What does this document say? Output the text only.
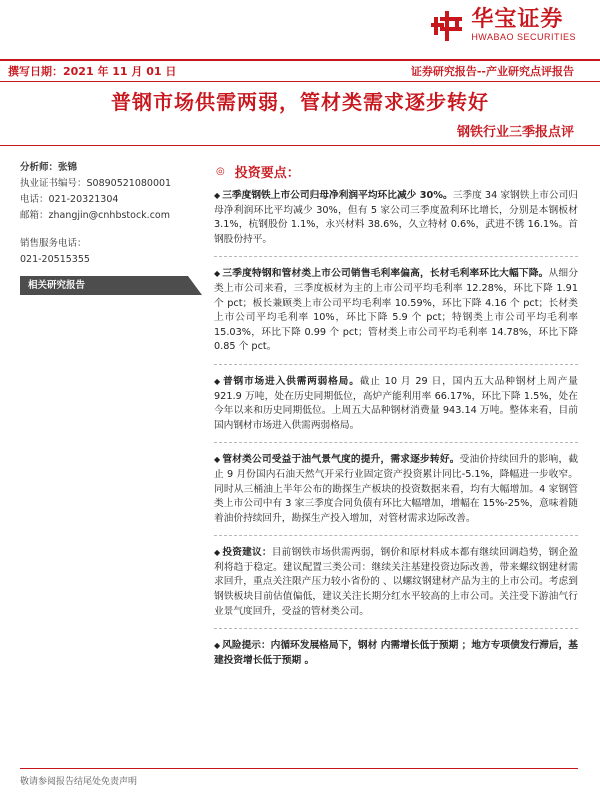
华宝证券
HWABAO SECURITIES
撰写日期：2021 年 11 月 01 日	证券研究报告--产业研究点评报告
普钢市场供需两弱，管材类需求逐步转好
钢铁行业三季报点评
分析师：张锦
执业证书编号：S0890521080001
电话：021-20321304
邮箱：zhangjin@cnhbstock.com
销售服务电话：
021-20515355
相关研究报告
◎ 投资要点：
◆ 三季度钢铁上市公司归母净利润平均环比减少 30%。三季度 34 家钢铁上市公司归母净利润环比平均减少 30%，但有 5 家公司三季度盈利环比增长，分别是本钢板材 3.1%，杭钢股份 1.1%，永兴材料 38.6%，久立特材 0.6%，武进不锈 16.1%。首钢股份持平。
◆ 三季度特钢和管材类上市公司销售毛利率偏高，长材毛利率环比大幅下降。从细分类上市公司来看，三季度板材为主的上市公司平均毛利率 12.28%，环比下降 1.91 个 pct；板长兼顾类上市公司平均毛利率 10.59%，环比下降 4.16 个 pct；长材类上市公司平均毛利率 10%，环比下降 5.9 个 pct；特钢类上市公司平均毛利率 15.03%，环比下降 0.99 个 pct；管材类上市公司平均毛利率 14.78%，环比下降 0.85 个 pct。
◆ 普钢市场进入供需两弱格局。截止 10 月 29 日，国内五大品种钢材上周产量 921.9 万吨，处在历史同期低位，高炉产能利用率 66.17%，环比下降 1.5%，处在今年以来和历史同期低位。上周五大品种钢材消费量 943.14 万吨。整体来看，目前国内钢材市场进入供需两弱格局。
◆ 管材类公司受益于油气景气度的提升，需求逐步转好。受油价持续回升的影响，截止 9 月份国内石油天然气开采行业固定资产投资累计同比-5.1%，降幅进一步收窄。同时从三桶油上半年公布的勘探生产板块的投资数据来看，均有大幅增加。4 家钢管类上市公司中有 3 家三季度合同负债有环比大幅增加，增幅在 15%-25%，意味着随着油价持续回升，勘探生产投入增加，对管材需求边际改善。
◆ 投资建议：目前钢铁市场供需两弱，钢价和原材料成本都有继续回调趋势，钢企盈利将趋于稳定。建议配置三类公司：继续关注基建投资边际改善，带来螺纹钢建材需求回升，重点关注限产压力较小省份的 、以螺纹钢建材产品为主的上市公司。考虑到钢铁板块目前估值偏低，建议关注长期分红水平较高的上市公司。关注受下游油气行业景气度回升，受益的管材类公司。
◆ 风险提示：内循环发展格局下，钢材 内需增长低于预期 ；地方专项债发行滞后，基建投资增长低于预期 。
敬请参阅报告结尾处免责声明
